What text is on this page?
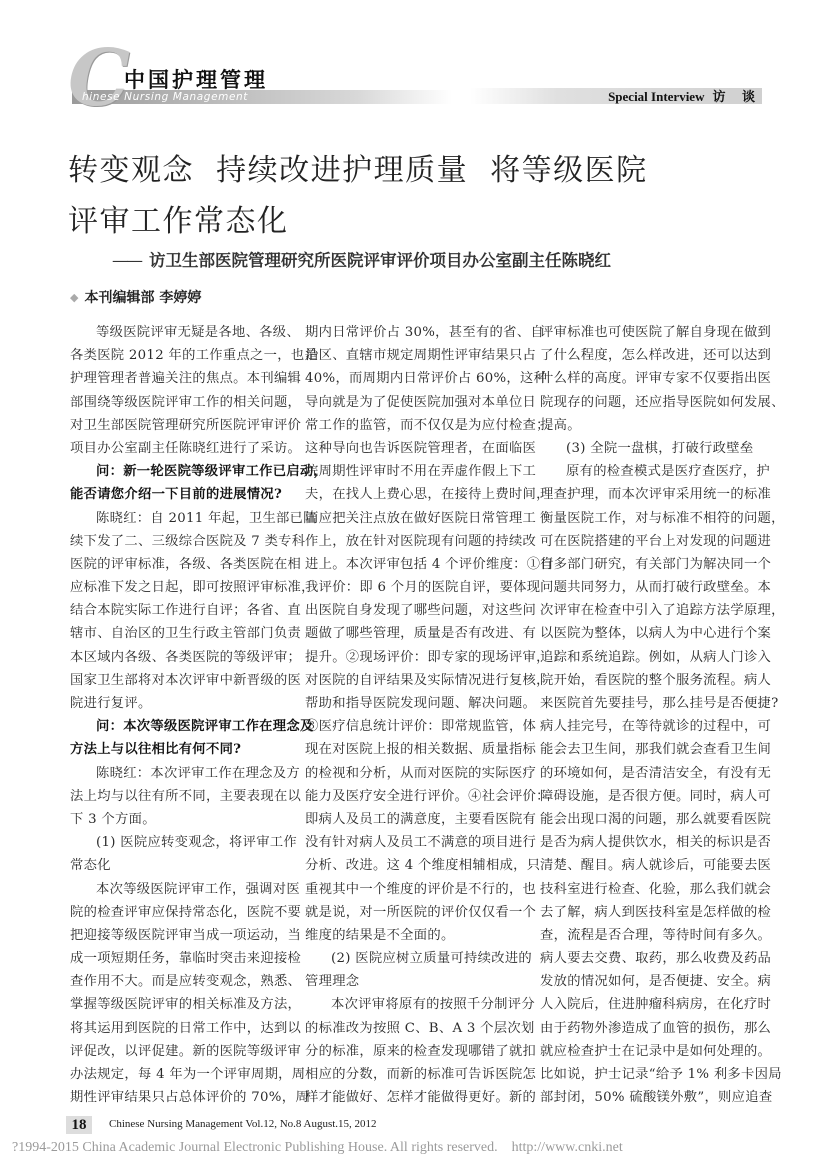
C
中国护理管理
hinese Nursing Management	Special Interview 访 谈
转变观念  持续改进护理质量  将等级医院
评审工作常态化
—— 访卫生部医院管理研究所医院评审评价项目办公室副主任陈晓红
◆ 本刊编辑部 李婷婷
等级医院评审无疑是各地、各级、
各类医院 2012 年的工作重点之一，也是
护理管理者普遍关注的焦点。本刊编辑
部围绕等级医院评审工作的相关问题，
对卫生部医院管理研究所医院评审评价
项目办公室副主任陈晓红进行了采访。
问：新一轮医院等级评审工作已启动，
能否请您介绍一下目前的进展情况?
陈晓红：自 2011 年起，卫生部已陆
续下发了二、三级综合医院及 7 类专科
医院的评审标准，各级、各类医院在相
应标准下发之日起，即可按照评审标准，
结合本院实际工作进行自评；各省、直
辖市、自治区的卫生行政主管部门负责
本区域内各级、各类医院的等级评审；
国家卫生部将对本次评审中新晋级的医
院进行复评。
问：本次等级医院评审工作在理念及
方法上与以往相比有何不同?
陈晓红：本次评审工作在理念及方
法上均与以往有所不同，主要表现在以
下 3 个方面。
(1) 医院应转变观念，将评审工作
常态化
本次等级医院评审工作，强调对医
院的检查评审应保持常态化，医院不要
把迎接等级医院评审当成一项运动，当
成一项短期任务，靠临时突击来迎接检
查作用不大。而是应转变观念，熟悉、
掌握等级医院评审的相关标准及方法，
将其运用到医院的日常工作中，达到以
评促改，以评促建。新的医院等级评审
办法规定，每 4 年为一个评审周期，周
期性评审结果只占总体评价的 70%，周
期内日常评价占 30%，甚至有的省、自
治区、直辖市规定周期性评审结果只占
40%，而周期内日常评价占 60%，这种
导向就是为了促使医院加强对本单位日
常工作的监管，而不仅仅是为应付检查；
这种导向也告诉医院管理者，在面临医
院周期性评审时不用在弄虚作假上下工
夫，在找人上费心思，在接待上费时间，
而应把关注点放在做好医院日常管理工
作上，放在针对医院现有问题的持续改
进上。本次评审包括 4 个评价维度：①自
我评价：即 6 个月的医院自评，要体现
出医院自身发现了哪些问题，对这些问
题做了哪些管理，质量是否有改进、有
提升。②现场评价：即专家的现场评审，
对医院的自评结果及实际情况进行复核，
帮助和指导医院发现问题、解决问题。
③医疗信息统计评价：即常规监管，体
现在对医院上报的相关数据、质量指标
的检视和分析，从而对医院的实际医疗
能力及医疗安全进行评价。④社会评价：
即病人及员工的满意度，主要看医院有
没有针对病人及员工不满意的项目进行
分析、改进。这 4 个维度相辅相成，只
重视其中一个维度的评价是不行的，也
就是说，对一所医院的评价仅仅看一个
维度的结果是不全面的。
(2) 医院应树立质量可持续改进的
管理理念
本次评审将原有的按照千分制评分
的标准改为按照 C、B、A 3 个层次划
分的标准，原来的检查发现哪错了就扣
相应的分数，而新的标准可告诉医院怎
样才能做好、怎样才能做得更好。新的
评审标准也可使医院了解自身现在做到
了什么程度，怎么样改进，还可以达到
什么样的高度。评审专家不仅要指出医
院现存的问题，还应指导医院如何发展、
提高。
(3) 全院一盘棋，打破行政壁垒
原有的检查模式是医疗查医疗，护
理查护理，而本次评审采用统一的标准
衡量医院工作，对与标准不相符的问题，
可在医院搭建的平台上对发现的问题进
行多部门研究，有关部门为解决同一个
问题共同努力，从而打破行政壁垒。本
次评审在检查中引入了追踪方法学原理，
以医院为整体，以病人为中心进行个案
追踪和系统追踪。例如，从病人门诊入
院开始，看医院的整个服务流程。病人
来医院首先要挂号，那么挂号是否便捷?
病人挂完号，在等待就诊的过程中，可
能会去卫生间，那我们就会查看卫生间
的环境如何，是否清洁安全，有没有无
障碍设施，是否很方便。同时，病人可
能会出现口渴的问题，那么就要看医院
是否为病人提供饮水，相关的标识是否
清楚、醒目。病人就诊后，可能要去医
技科室进行检查、化验，那么我们就会
去了解，病人到医技科室是怎样做的检
查，流程是否合理，等待时间有多久。
病人要去交费、取药，那么收费及药品
发放的情况如何，是否便捷、安全。病
人入院后，住进肿瘤科病房，在化疗时
由于药物外渗造成了血管的损伤，那么
就应检查护士在记录中是如何处理的。
比如说，护士记录“给予 1% 利多卡因局
部封闭，50% 硫酸镁外敷”，则应追查
18	Chinese Nursing Management Vol.12, No.8 August.15, 2012
?1994-2015 China Academic Journal Electronic Publishing House. All rights reserved.    http://www.cnki.net
